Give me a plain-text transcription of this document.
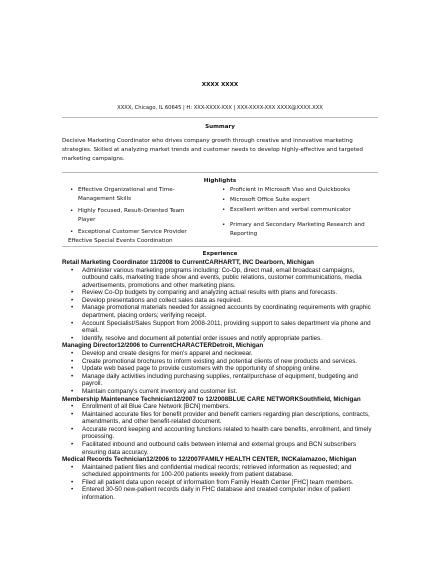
XXXX XXXX
XXXX, Chicago, IL 60645 | H: XXX-XXXX-XXX | XXX-XXXX-XXX XXXX@XXXX.XXX
Summary
Decisive Marketing Coordinator who drives company growth through creative and innovative marketing strategies. Skilled at analyzing market trends and customer needs to develop highly-effective and targeted marketing campaigns.
Highlights
• Effective Organizational and Time-Management Skills
• Highly Focused, Result-Oriented Team Player
• Exceptional Customer Service Provider
Effective Special Events Coordination
• Proficient in Microsoft Viso and Quickbooks
• Microsoft Office Suite expert
• Excellent written and verbal communicator
• Primary and Secondary Marketing Research and Reporting
Experience
Retail Marketing Coordinator 11/2008 to CurrentCARHARTT, INC Dearborn, Michigan
• Administer various marketing programs including: Co-Op, direct mail, email broadcast campaigns, outbound calls, marketing trade show and events, public relations, customer communications, media advertisements, promotions and other marketing plans.
• Review Co-Op budgets by comparing and analyzing actual results with plans and forecasts.
• Develop presentations and collect sales data as required.
• Manage promotional materials needed for assigned accounts by coordinating requirements with graphic department, placing orders; verifying receipt.
• Account Specialist/Sales Support from 2008-2011, providing support to sales department via phone and email.
• Identify, resolve and document all potential order issues and notify appropriate parties.
Managing Director12/2006 to CurrentCHARACTERDetroit, Michigan
• Develop and create designs for men's apparel and neckwear.
• Create promotional brochures to inform existing and potential clients of new products and services.
• Update web based page to provide customers with the opportunity of shopping online.
• Manage daily activities including purchasing supplies, rental/purchase of equipment, budgeting and payroll.
• Maintain company's current inventory and customer list.
Membership Maintenance Technician12/2007 to 12/2008BLUE CARE NETWORKSouthfield, Michigan
• Enrollment of all Blue Care Network [BCN] members.
• Maintained accurate files for benefit provider and benefit carriers regarding plan descriptions, contracts, amendments, and other benefit-related document.
• Accurate record keeping and accounting functions related to health care benefits, enrollment, and timely processing.
• Facilitated inbound and outbound calls between internal and external groups and BCN subscribers ensuring data accuracy.
Medical Records Technician12/2006 to 12/2007FAMILY HEALTH CENTER, INCKalamazoo, Michigan
• Maintained patient files and confidential medical records; retrieved information as requested; and scheduled appointments for 100-200 patients weekly from patient database.
• Filed all patient data upon receipt of information from Family Health Center [FHC] team members.
• Entered 30-50 new-patient records daily in FHC database and created computer index of patient information.
